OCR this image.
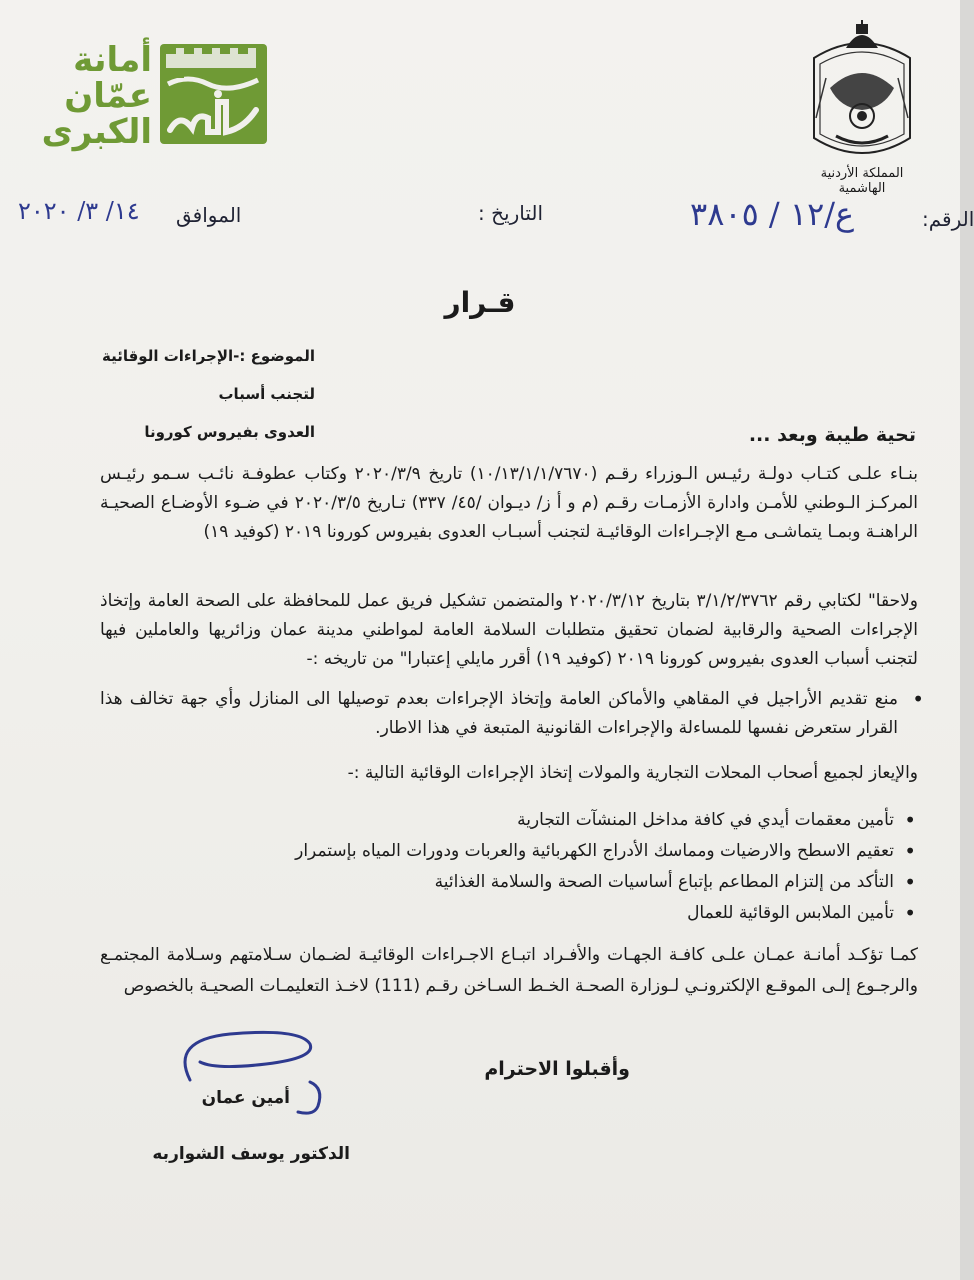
أمانة
عمّان
الكبرى
المملكة الأردنية الهاشمية
الرقم:
ع/١٢ / ٣٨٠٥
التاريخ :
الموافق
١٤/ ٣/ ٢٠٢٠
قـرار
الموضوع :-الإجراءات الوقائية لتجنب أسباب
العدوى بفيروس كورونا	تحية طيبة وبعد ...
بنـاء علـى كتـاب دولـة رئيـس الـوزراء رقـم (١٠/١٣/١/١/٧٦٧٠) تاريخ ٢٠٢٠/٣/٩ وكتاب عطوفـة نائـب سـمو رئيـس المركـز الـوطني للأمـن وادارة الأزمـات رقـم (م و أ ز/ ديـوان /٤٥/ ٣٣٧) تـاريخ ٢٠٢٠/٣/٥ في ضـوء الأوضـاع الصحيـة الراهنـة وبمـا يتماشـى مـع الإجـراءات الوقائيـة لتجنب أسبـاب العدوى بفيروس كورونا ٢٠١٩ (كوفيد ١٩)
ولاحقا" لكتابي رقم ٣/١/٢/٣٧٦٢ بتاريخ ٢٠٢٠/٣/١٢ والمتضمن تشكيل فريق عمل للمحافظة على الصحة العامة وإتخاذ الإجراءات الصحية والرقابية لضمان تحقيق متطلبات السلامة العامة لمواطني مدينة عمان وزائريها والعاملين فيها لتجنب أسباب العدوى بفيروس كورونا ٢٠١٩ (كوفيد ١٩) أقرر مايلي إعتبارا" من تاريخه :-
•
منع تقديم الأراجيل في المقاهي والأماكن العامة وإتخاذ الإجراءات بعدم توصيلها الى المنازل وأي جهة تخالف هذا القرار ستعرض نفسها للمساءلة والإجراءات القانونية المتبعة في هذا الاطار.
والإيعاز لجميع أصحاب المحلات التجارية والمولات إتخاذ الإجراءات الوقائية التالية :-
• تأمين معقمات أيدي في كافة مداخل المنشآت التجارية
• تعقيم الاسطح والارضيات ومماسك الأدراج الكهربائية والعربات ودورات المياه بإستمرار
• التأكد من إلتزام المطاعم بإتباع أساسيات الصحة والسلامة الغذائية
• تأمين الملابس الوقائية للعمال
كمـا تؤكـد أمانـة عمـان علـى كافـة الجهـات والأفـراد اتبـاع الاجـراءات الوقائيـة لضـمان سـلامتهم وسـلامة المجتمـع والرجـوع إلـى الموقـع الإلكترونـي لـوزارة الصحـة الخـط السـاخن رقـم (111) لاخـذ التعليمـات الصحيـة بالخصوص
وأقبلوا الاحترام
أمين عمان
الدكتور يوسف الشواربه
